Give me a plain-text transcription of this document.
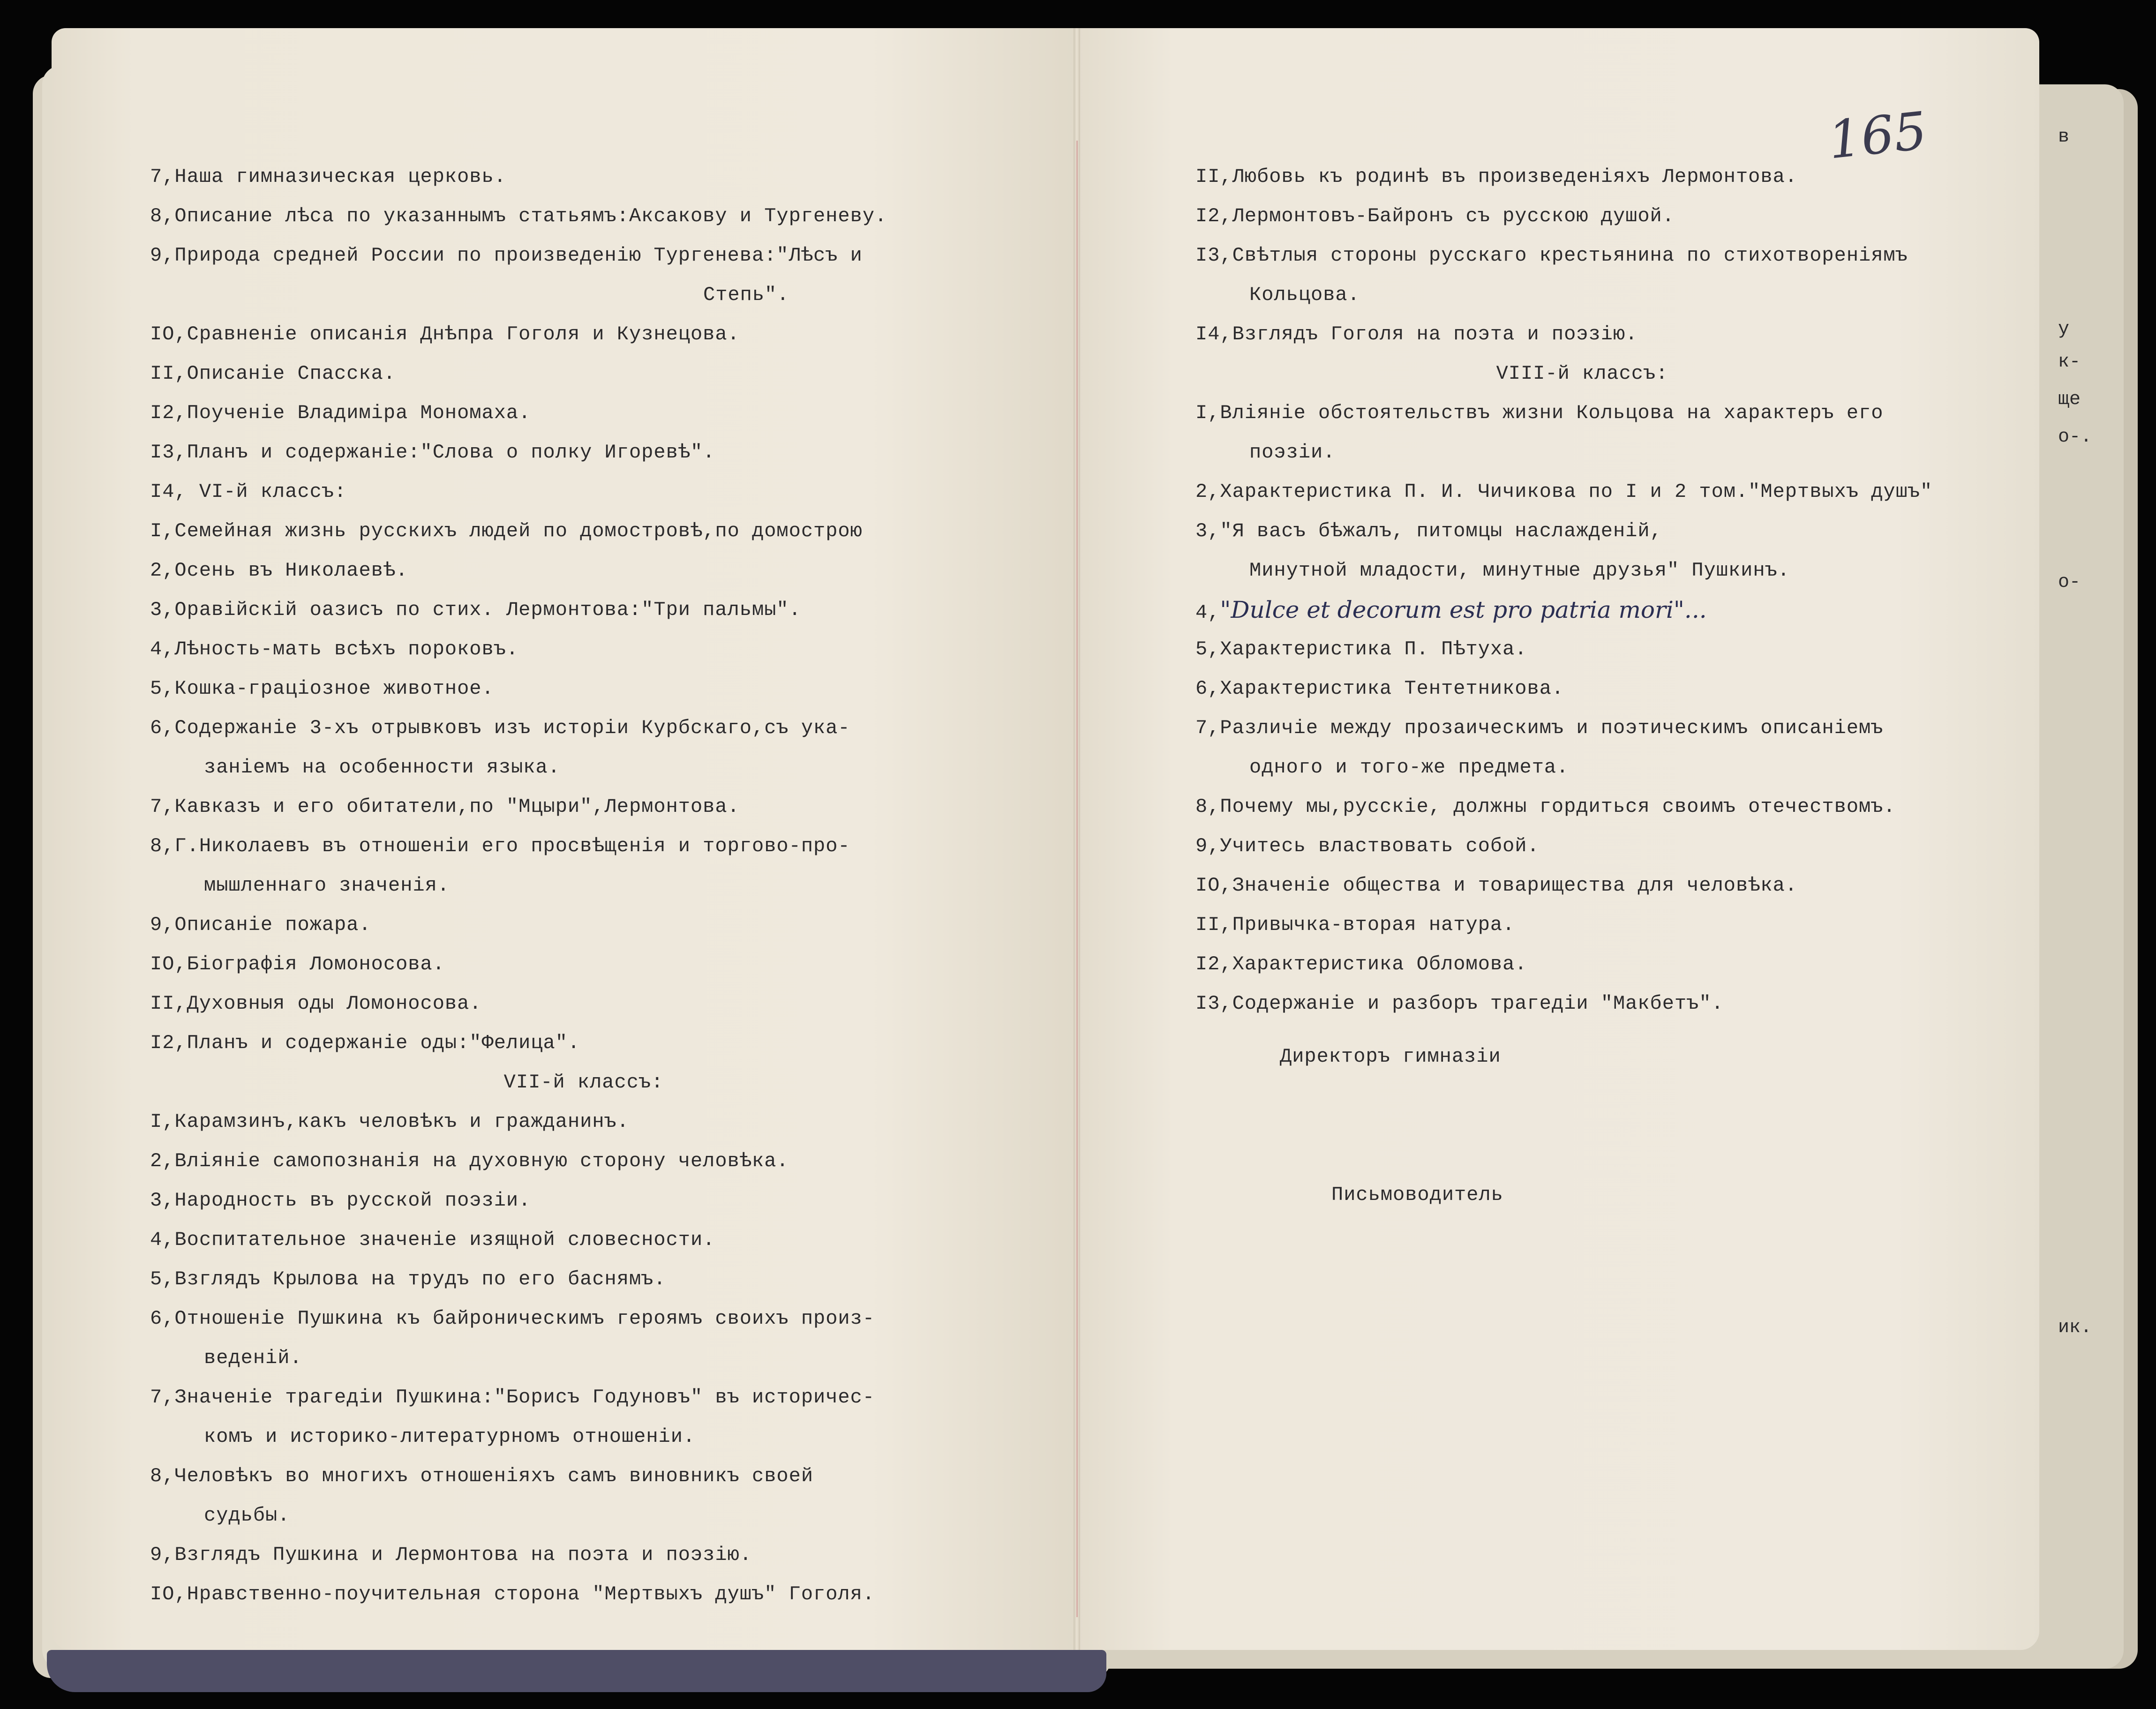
в
у
к-
ще
о-.
о-
ик.
165
7,Наша гимназическая церковь.
8,Описание лѣса по указаннымъ статьямъ:Аксакову и Тургеневу.
9,Природа средней России по произведенію Тургенева:"Лѣсъ и
Степь".
IO,Сравненіе описанія Днѣпра Гоголя и Кузнецова.
II,Описаніе Спасска.
I2,Поученіе Владиміра Мономаха.
I3,Планъ и содержаніе:"Слова о полку Игоревѣ".
I4, VI-й классъ:
I,Семейная жизнь русскихъ людей по домостровѣ,по домострою
2,Осень въ Николаевѣ.
3,Оравійскій оазисъ по стих. Лермонтова:"Три пальмы".
4,Лѣность-мать всѣхъ пороковъ.
5,Кошка-граціозное животное.
6,Содержаніе 3-хъ отрывковъ изъ исторіи Курбскаго,съ ука-
заніемъ на особенности языка.
7,Кавказъ и его обитатели,по "Мцыри",Лермонтова.
8,Г.Николаевъ въ отношеніи его просвѣщенія и торгово-про-
мышленнаго значенія.
9,Описаніе пожара.
IO,Біографія Ломоносова.
II,Духовныя оды Ломоносова.
I2,Планъ и содержаніе оды:"Фелица".
VII-й классъ:
I,Карамзинъ,какъ человѣкъ и гражданинъ.
2,Вліяніе самопознанія на духовную сторону человѣка.
3,Народность въ русской поэзіи.
4,Воспитательное значеніе изящной словесности.
5,Взглядъ Крылова на трудъ по его баснямъ.
6,Отношеніе Пушкина къ байроническимъ героямъ своихъ произ-
веденій.
7,Значеніе трагедіи Пушкина:"Борисъ Годуновъ" въ историчес-
комъ и историко-литературномъ отношеніи.
8,Человѣкъ во многихъ отношеніяхъ самъ виновникъ своей
судьбы.
9,Взглядъ Пушкина и Лермонтова на поэта и поэзію.
IO,Нравственно-поучительная сторона "Мертвыхъ душъ" Гоголя.
II,Любовь къ родинѣ въ произведеніяхъ Лермонтова.
I2,Лермонтовъ-Байронъ съ русскою душой.
I3,Свѣтлыя стороны русскаго крестьянина по стихотвореніямъ
Кольцова.
I4,Взглядъ Гоголя на поэта и поэзію.
VIII-й классъ:
I,Вліяніе обстоятельствъ жизни Кольцова на характеръ его
поэзіи.
2,Характеристика П. И. Чичикова по I и 2 том."Мертвыхъ душъ"
3,"Я васъ бѣжалъ, питомцы наслажденій,
Минутной младости, минутные друзья" Пушкинъ.
4,"Dulce et decorum est pro patria mori"...
5,Характеристика П. Пѣтуха.
6,Характеристика Тентетникова.
7,Различіе между прозаическимъ и поэтическимъ описаніемъ
одного и того-же предмета.
8,Почему мы,русскіе, должны гордиться своимъ отечествомъ.
9,Учитесь властвовать собой.
IO,Значеніе общества и товарищества для человѣка.
II,Привычка-вторая натура.
I2,Характеристика Обломова.
I3,Содержаніе и разборъ трагедіи "Макбетъ".
Директоръ гимназіи
Письмоводитель
